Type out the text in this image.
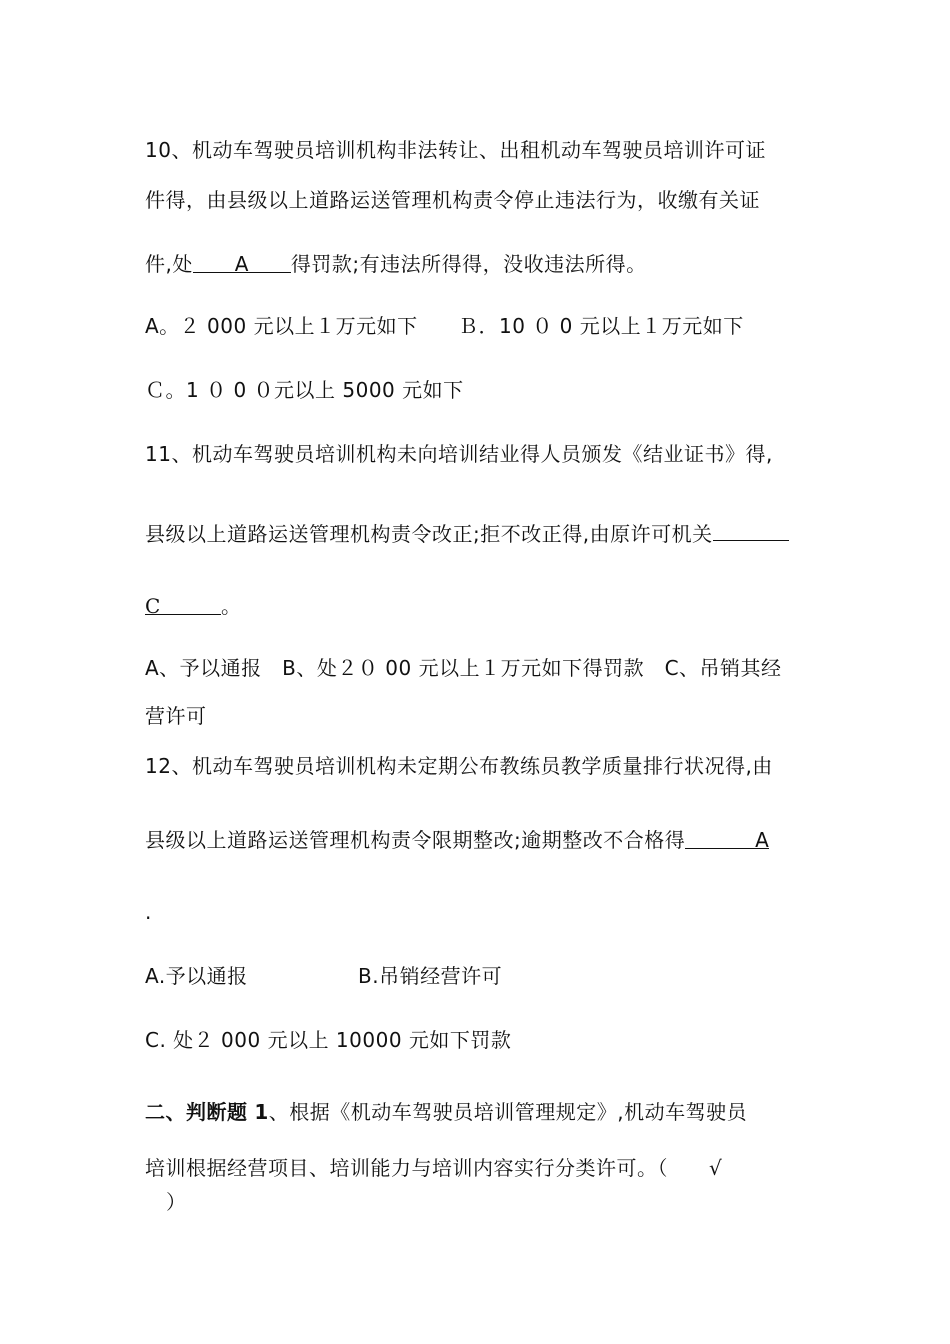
10、机动车驾驶员培训机构非法转让、出租机动车驾驶员培训许可证
件得，由县级以上道路运送管理机构责令停止违法行为，收缴有关证
件,处 A 得罚款;有违法所得得，没收违法所得。
A。２ 000 元以上１万元如下 Ｂ．10 ０ 0 元以上１万元如下
Ｃ。1 ０ 0 ０元以上 5000 元如下
11、机动车驾驶员培训机构未向培训结业得人员颁发《结业证书》得,
县级以上道路运送管理机构责令改正;拒不改正得,由原许可机关
C	。
A、予以通报　B、处２０ 00 元以上１万元如下得罚款　C、吊销其经
营许可
12、机动车驾驶员培训机构未定期公布教练员教学质量排行状况得,由
县级以上道路运送管理机构责令限期整改;逾期整改不合格得	A
.
A.予以通报	B.吊销经营许可
C. 处２ 000 元以上 10000 元如下罚款
二、判断题 1、根据《机动车驾驶员培训管理规定》,机动车驾驶员
培训根据经营项目、培训能力与培训内容实行分类许可。（　　√
）
